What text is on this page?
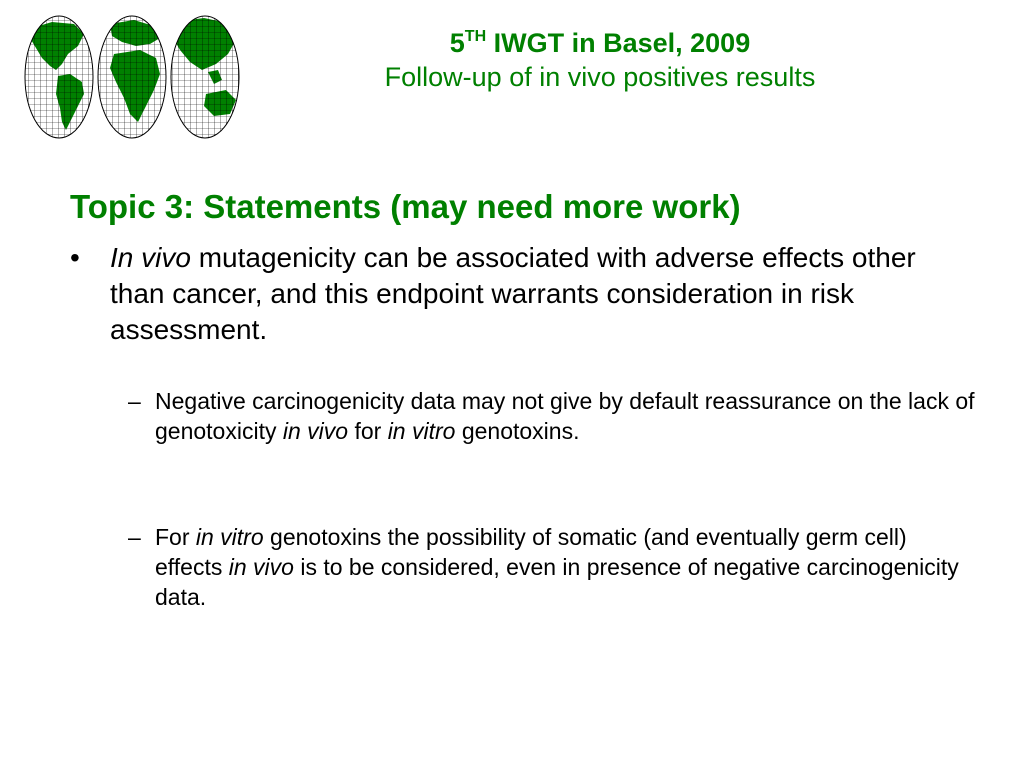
5TH IWGT in Basel, 2009
Follow-up of in vivo positives results
Topic 3: Statements (may need more work)
• In vivo mutagenicity can be associated with adverse effects other than cancer, and this endpoint warrants consideration in risk assessment.
– Negative carcinogenicity data may not give by default reassurance on the lack of genotoxicity in vivo for in vitro genotoxins.
– For in vitro genotoxins the possibility of somatic (and eventually germ cell) effects in vivo is to be considered, even in presence of negative carcinogenicity data.
